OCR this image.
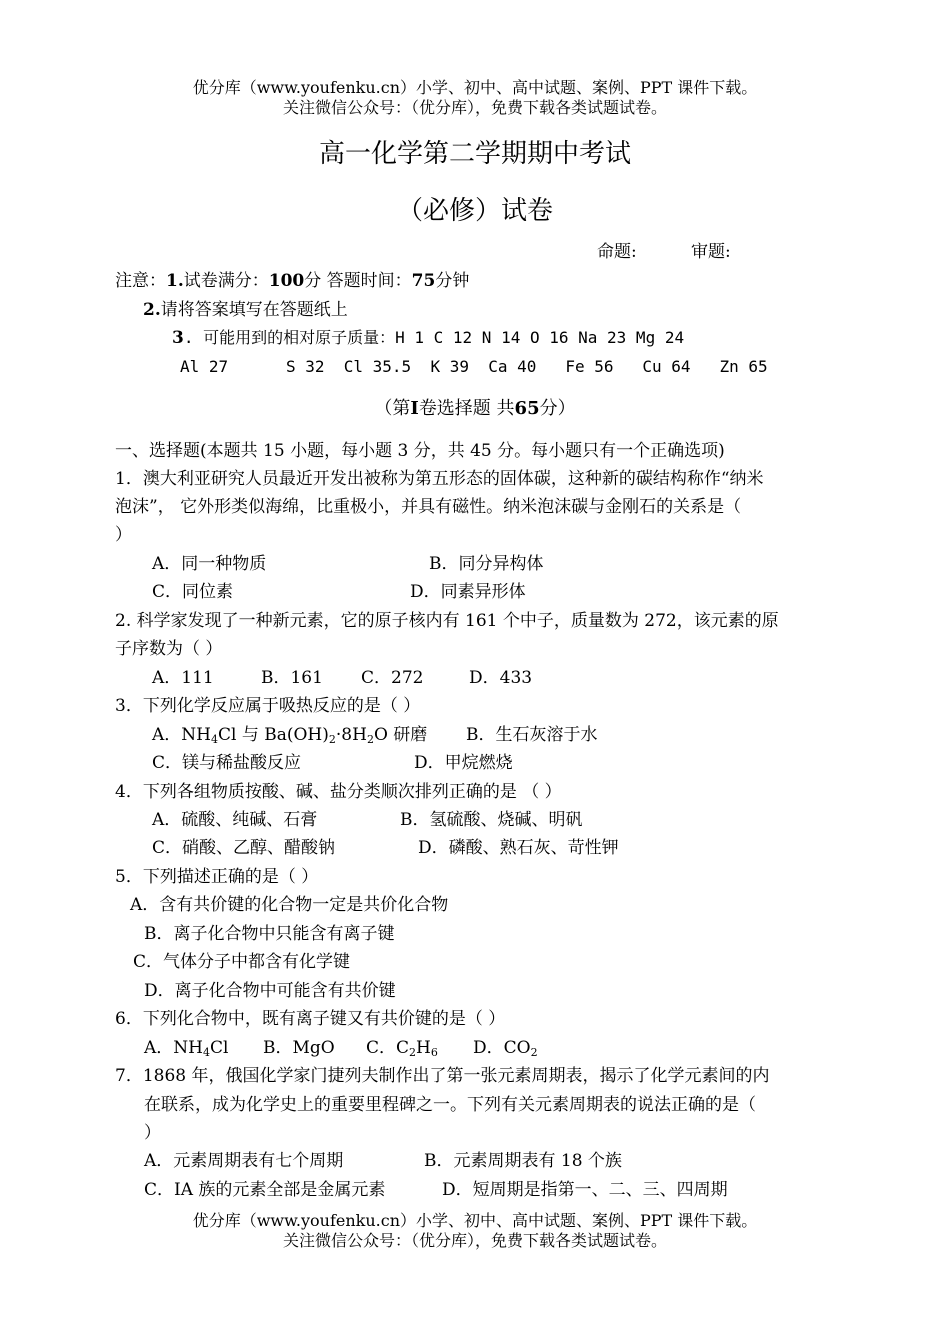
优分库（www.youfenku.cn）小学、初中、高中试题、案例、PPT 课件下载。
关注微信公众号：（优分库），免费下载各类试题试卷。
高一化学第二学期期中考试
（必修）试卷
命题:	审题:
注意：1.试卷满分：100分 答题时间：75分钟
2.请将答案填写在答题纸上
3. 可能用到的相对原子质量：H 1 C 12 N 14 O 16 Na 23 Mg 24
Al 27      S 32  Cl 35.5  K 39  Ca 40   Fe 56   Cu 64   Zn 65
（第I卷选择题 共65分）
一、选择题(本题共 15 小题，每小题 3 分，共 45 分。每小题只有一个正确选项)
1．澳大利亚研究人员最近开发出被称为第五形态的固体碳，这种新的碳结构称作“纳米
泡沫”， 它外形类似海绵，比重极小，并具有磁性。纳米泡沫碳与金刚石的关系是（
）
A．同一种物质	B．同分异构体
C．同位素	D．同素异形体
2. 科学家发现了一种新元素，它的原子核内有 161 个中子，质量数为 272，该元素的原
子序数为（ ）
A．111	B．161 C．272	D．433
3．下列化学反应属于吸热反应的是（ ）
A．$NH_4Cl$ 与 $Ba(OH)_2\cdot 8H_2O$ 研磨 B．生石灰溶于水
C．镁与稀盐酸反应	D．甲烷燃烧
4．下列各组物质按酸、碱、盐分类顺次排列正确的是 （ ）
A．硫酸、纯碱、石膏	B．氢硫酸、烧碱、明矾
C．硝酸、乙醇、醋酸钠	D．磷酸、熟石灰、苛性钾
5．下列描述正确的是（ ）
A．含有共价键的化合物一定是共价化合物
B．离子化合物中只能含有离子键
C．气体分子中都含有化学键
D．离子化合物中可能含有共价键
6．下列化合物中，既有离子键又有共价键的是（ ）
A．$NH_4Cl$ B．MgO C．$C_2H_6$ D．$CO_2$
7．1868 年，俄国化学家门捷列夫制作出了第一张元素周期表，揭示了化学元素间的内
在联系，成为化学史上的重要里程碑之一。下列有关元素周期表的说法正确的是（
）
A．元素周期表有七个周期	B．元素周期表有 18 个族
C．IA 族的元素全部是金属元素	D．短周期是指第一、二、三、四周期
优分库（www.youfenku.cn）小学、初中、高中试题、案例、PPT 课件下载。
关注微信公众号：（优分库），免费下载各类试题试卷。
